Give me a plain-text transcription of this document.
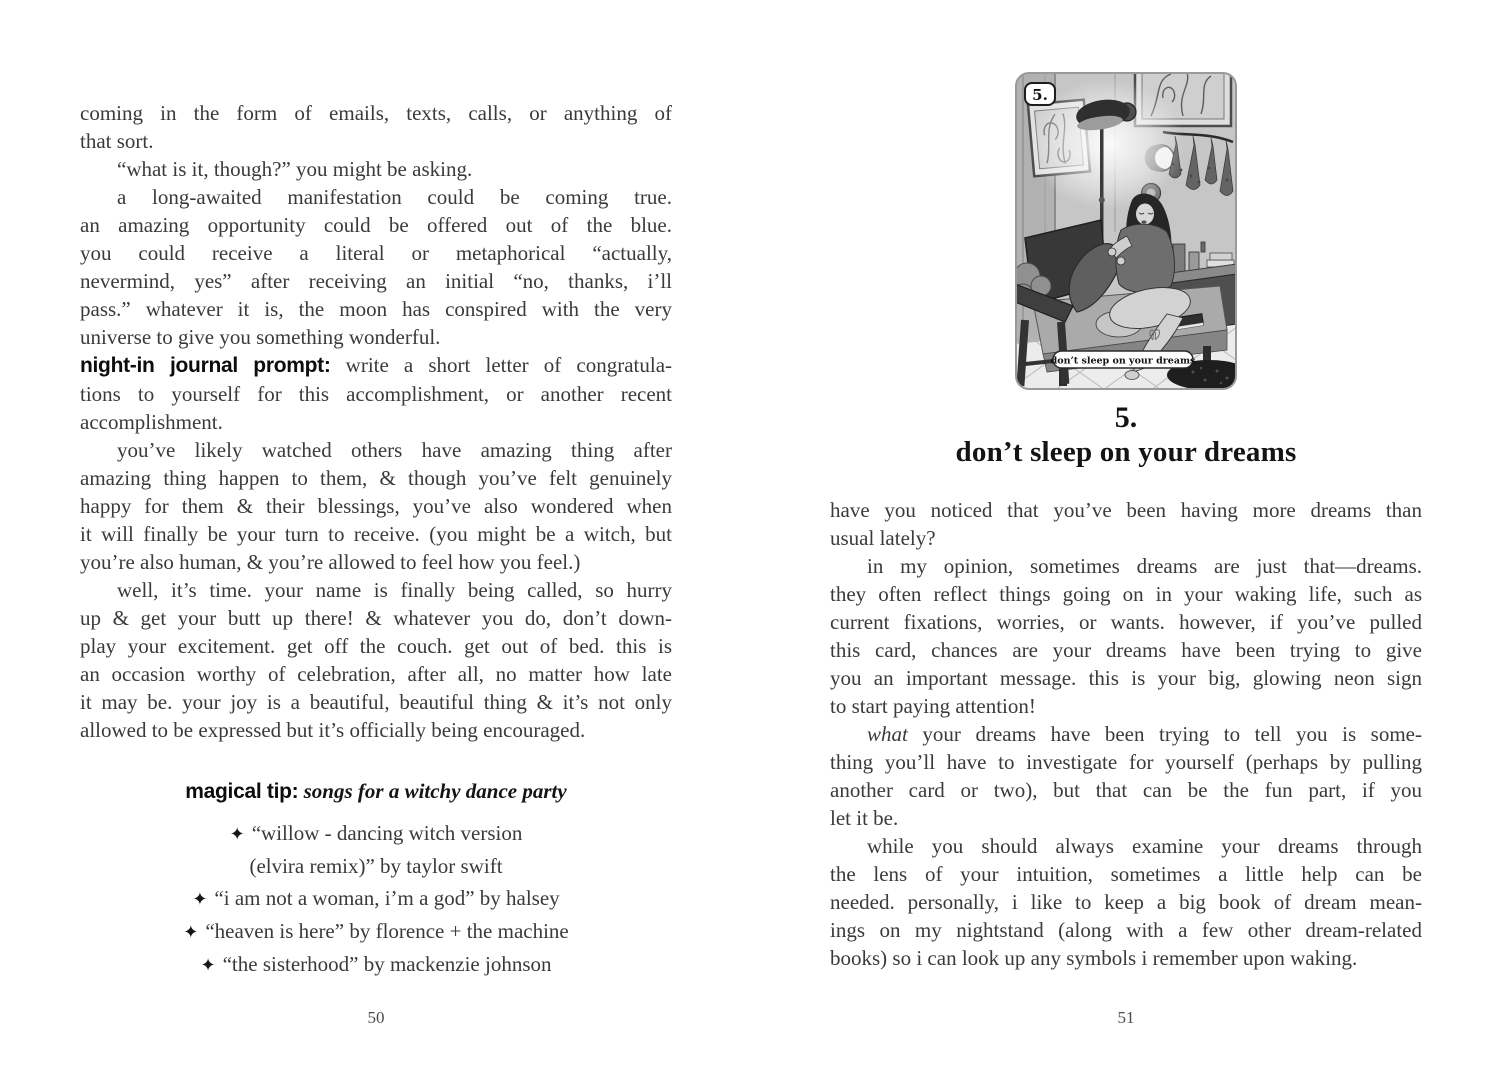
coming in the form of emails, texts, calls, or anything of
that sort.
“what is it, though?” you might be asking.
a long-awaited manifestation could be coming true.
an amazing opportunity could be offered out of the blue.
you could receive a literal or metaphorical “actually,
nevermind, yes” after receiving an initial “no, thanks, i’ll
pass.” whatever it is, the moon has conspired with the very
universe to give you something wonderful.
night-in journal prompt: write a short letter of congratula-
tions to yourself for this accomplishment, or another recent
accomplishment.
you’ve likely watched others have amazing thing after
amazing thing happen to them, & though you’ve felt genuinely
happy for them & their blessings, you’ve also wondered when
it will finally be your turn to receive. (you might be a witch, but
you’re also human, & you’re allowed to feel how you feel.)
well, it’s time. your name is finally being called, so hurry
up & get your butt up there! & whatever you do, don’t down-
play your excitement. get off the couch. get out of bed. this is
an occasion worthy of celebration, after all, no matter how late
it may be. your joy is a beautiful, beautiful thing & it’s not only
allowed to be expressed but it’s officially being encouraged.
magical tip: songs for a witchy dance party
✦ “willow - dancing witch version
(elvira remix)” by taylor swift
✦ “i am not a woman, i’m a god” by halsey
✦ “heaven is here” by florence + the machine
✦ “the sisterhood” by mackenzie johnson
50
5.
don’t sleep on your dreams
5.
don’t sleep on your dreams
have you noticed that you’ve been having more dreams than
usual lately?
in my opinion, sometimes dreams are just that—dreams.
they often reflect things going on in your waking life, such as
current fixations, worries, or wants. however, if you’ve pulled
this card, chances are your dreams have been trying to give
you an important message. this is your big, glowing neon sign
to start paying attention!
what your dreams have been trying to tell you is some-
thing you’ll have to investigate for yourself (perhaps by pulling
another card or two), but that can be the fun part, if you
let it be.
while you should always examine your dreams through
the lens of your intuition, sometimes a little help can be
needed. personally, i like to keep a big book of dream mean-
ings on my nightstand (along with a few other dream-related
books) so i can look up any symbols i remember upon waking.
51
